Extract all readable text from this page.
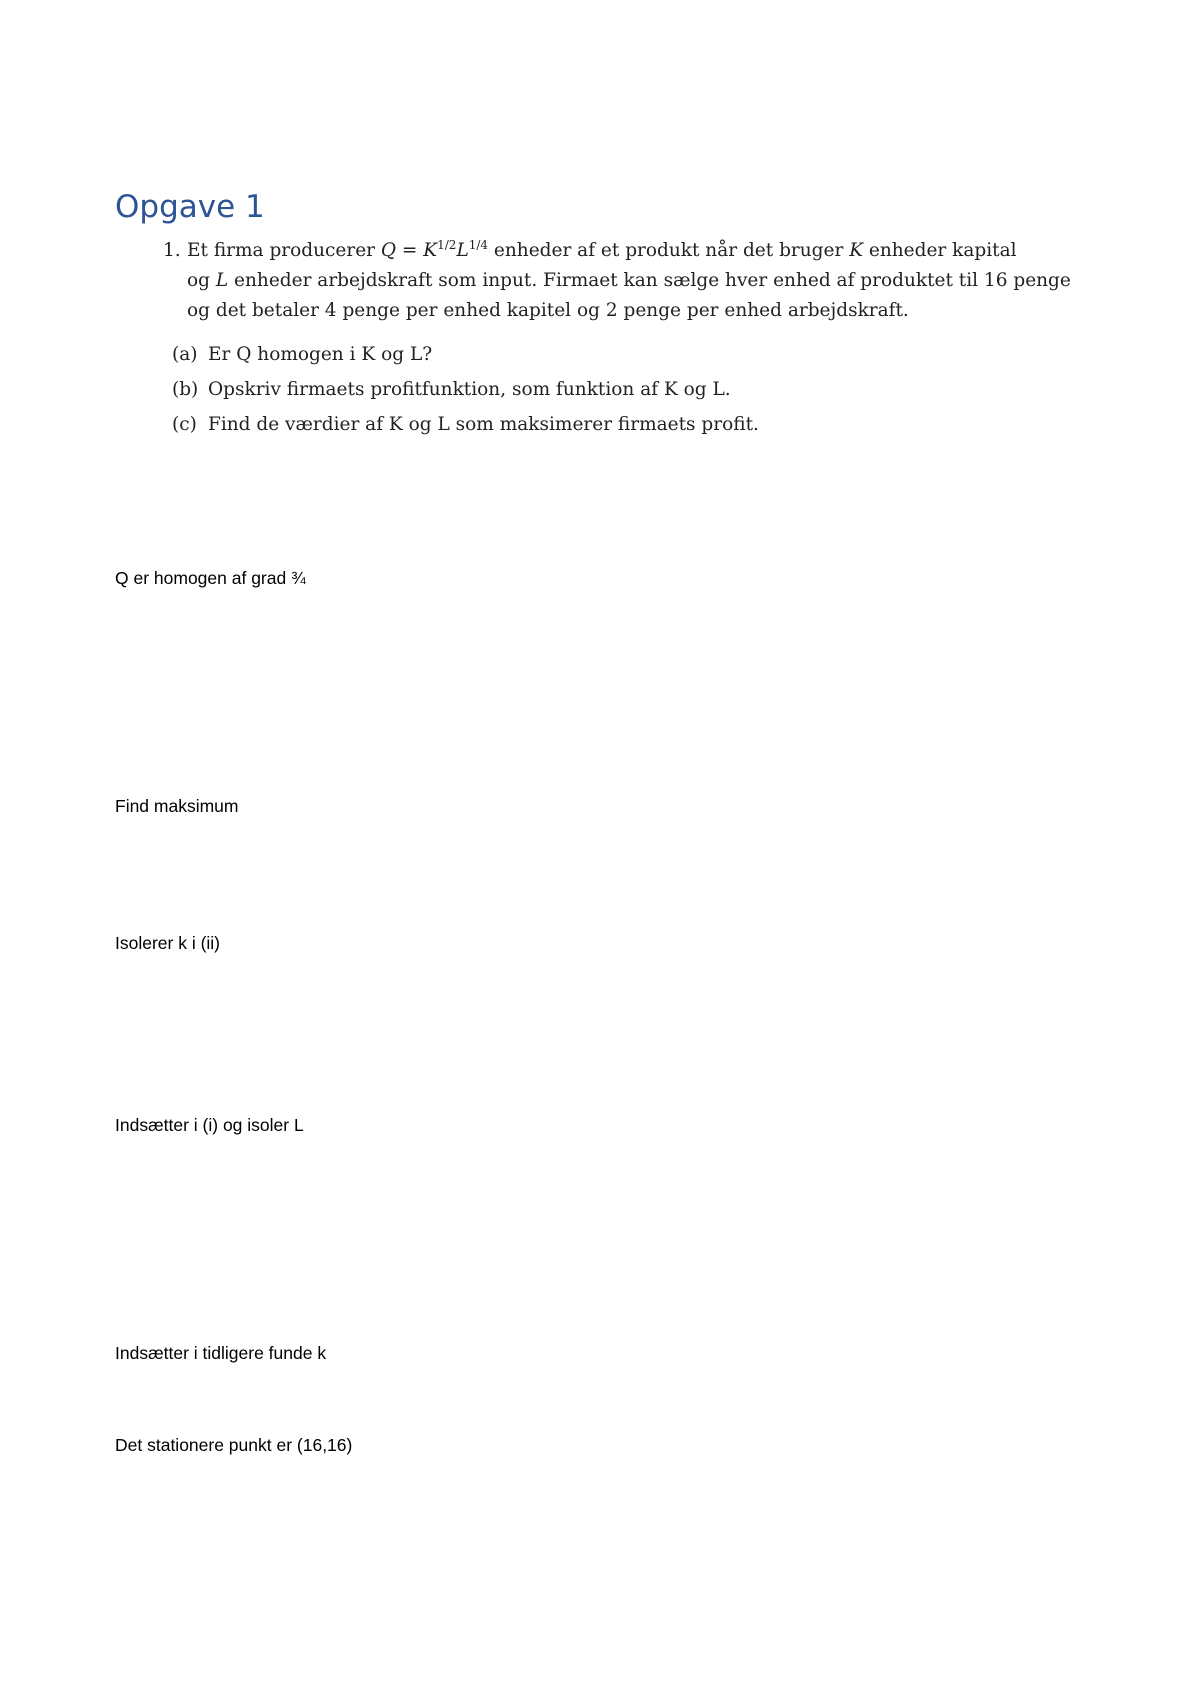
Opgave 1
1. Et firma producerer $Q = K^{1/2}L^{1/4}$ enheder af et produkt når det bruger K enheder kapital
og L enheder arbejdskraft som input. Firmaet kan sælge hver enhed af produktet til 16 penge
og det betaler 4 penge per enhed kapitel og 2 penge per enhed arbejdskraft.
(a) Er Q homogen i K og L?
(b) Opskriv firmaets profitfunktion, som funktion af K og L.
(c) Find de værdier af K og L som maksimerer firmaets profit.
Q er homogen af grad ¾
Find maksimum
Isolerer k i (ii)
Indsætter i (i) og isoler L
Indsætter i tidligere funde k
Det stationere punkt er (16,16)
